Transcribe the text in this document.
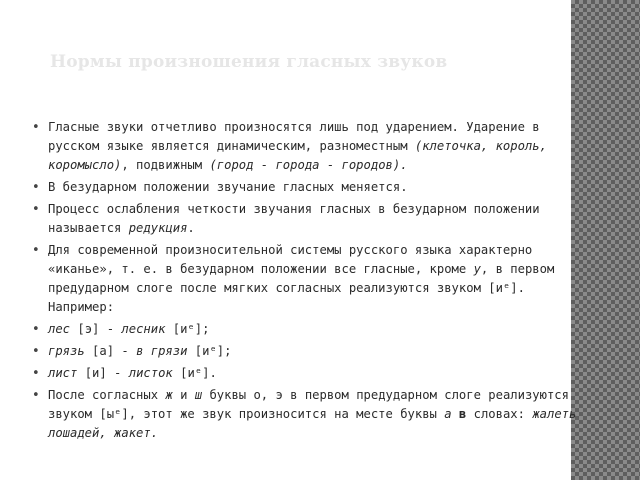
Нормы произношения гласных звуков
• Гласные звуки отчетливо произносятся лишь под ударением. Ударение в русском языке является динамическим, разноместным (клеточка, король, коромысло), подвижным (город - города - городов).
• В безударном положении звучание гласных меняется.
• Процесс ослабления четкости звучания гласных в безударном положении называется редукция.
• Для современной произносительной системы русского языка характерно «иканье», т. е. в безударном положении все гласные, кроме у, в первом предударном слоге после мягких согласных реализуются звуком [иᵉ]. Например:
• лес [э] - лесник [иᵉ];
• грязь [а] - в грязи [иᵉ];
• лист [и] - листок [иᵉ].
• После согласных ж и ш буквы о, э в первом предударном слоге реализуются звуком [ыᵉ], этот же звук произносится на месте буквы а в словах: жалеть лошадей, жакет.
